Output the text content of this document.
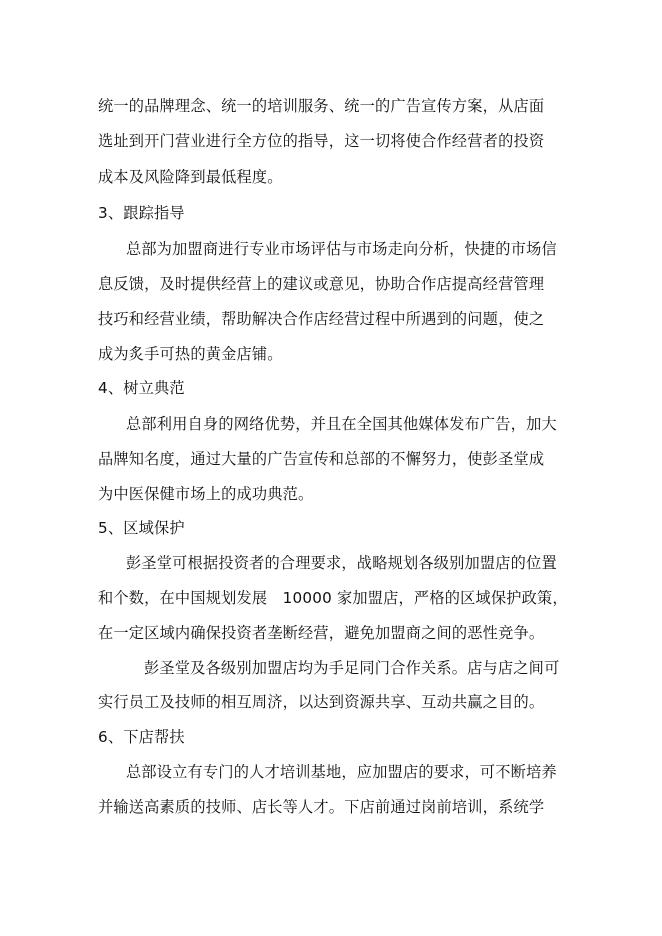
统一的品牌理念、统一的培训服务、统一的广告宣传方案，从店面
选址到开门营业进行全方位的指导，这一切将使合作经营者的投资
成本及风险降到最低程度。
3、跟踪指导
总部为加盟商进行专业市场评估与市场走向分析，快捷的市场信
息反馈，及时提供经营上的建议或意见，协助合作店提高经营管理
技巧和经营业绩，帮助解决合作店经营过程中所遇到的问题，使之
成为炙手可热的黄金店铺。
4、树立典范
总部利用自身的网络优势，并且在全国其他媒体发布广告，加大
品牌知名度，通过大量的广告宣传和总部的不懈努力，使彭圣堂成
为中医保健市场上的成功典范。
5、区域保护
彭圣堂可根据投资者的合理要求，战略规划各级别加盟店的位置
和个数，在中国规划发展　10000 家加盟店，严格的区域保护政策，
在一定区域内确保投资者垄断经营，避免加盟商之间的恶性竞争。
彭圣堂及各级别加盟店均为手足同门合作关系。店与店之间可
实行员工及技师的相互周济，以达到资源共享、互动共赢之目的。
6、下店帮扶
总部设立有专门的人才培训基地，应加盟店的要求，可不断培养
并输送高素质的技师、店长等人才。下店前通过岗前培训，系统学
